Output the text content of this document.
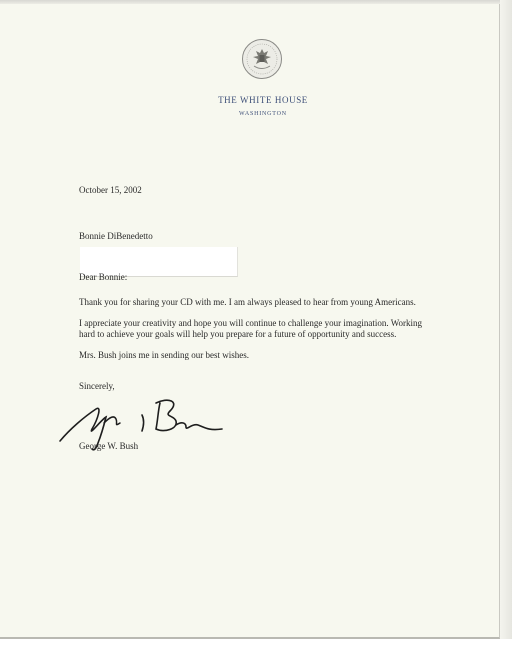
THE WHITE HOUSE
WASHINGTON
October 15, 2002
Bonnie DiBenedetto
Dear Bonnie:
Thank you for sharing your CD with me. I am always pleased to hear from young Americans.
I appreciate your creativity and hope you will continue to challenge your imagination. Working
hard to achieve your goals will help you prepare for a future of opportunity and success.
Mrs. Bush joins me in sending our best wishes.
Sincerely,
George W. Bush
